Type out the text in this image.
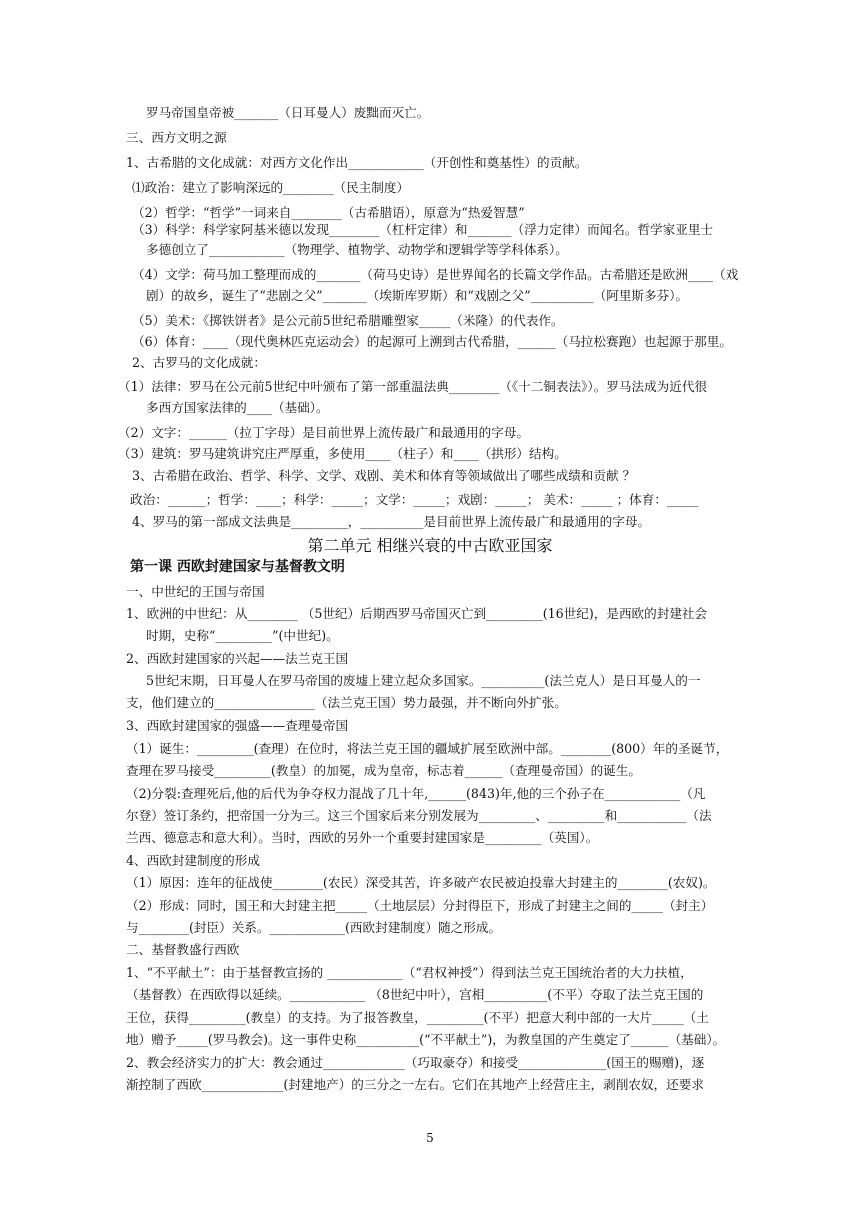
罗马帝国皇帝被_______（日耳曼人）废黜而灭亡。
三、西方文明之源
1、古希腊的文化成就：对西方文化作出____________（开创性和奠基性）的贡献。
⑴政治：建立了影响深远的________（民主制度）
（2）哲学：“哲学”一词来自________（古希腊语），原意为“热爱智慧”
（3）科学：科学家阿基米德以发现________（杠杆定律）和_______（浮力定律）而闻名。哲学家亚里士
多德创立了____________（物理学、植物学、动物学和逻辑学等学科体系）。
（4）文学：荷马加工整理而成的_______（荷马史诗）是世界闻名的长篇文学作品。古希腊还是欧洲____（戏
剧）的故乡，诞生了“悲剧之父”_______（埃斯库罗斯）和“戏剧之父”__________（阿里斯多芬）。
（5）美术：《掷铁饼者》是公元前5世纪希腊雕塑家_____（米隆）的代表作。
（6）体育：____（现代奥林匹克运动会）的起源可上溯到古代希腊，______（马拉松赛跑）也起源于那里。
2、古罗马的文化成就：
（1）法律：罗马在公元前5世纪中叶颁布了第一部重温法典________（《十二铜表法》）。罗马法成为近代很
多西方国家法律的____（基础）。
（2）文字：______（拉丁字母）是目前世界上流传最广和最通用的字母。
（3）建筑：罗马建筑讲究庄严厚重，多使用____（柱子）和____（拱形）结构。
3、古希腊在政治、哲学、科学、文学、戏剧、美术和体育等领域做出了哪些成绩和贡献 ？
政治：______；哲学：____；科学：_____；文学：_____；戏剧：_____； 美术：_____ ；体育：_____
4、罗马的第一部成文法典是_________，__________是目前世界上流传最广和最通用的字母。
第二单元 相继兴衰的中古欧亚国家
第一课 西欧封建国家与基督教文明
一、中世纪的王国与帝国
1、欧洲的中世纪：从________ （5世纪）后期西罗马帝国灭亡到_________(16世纪)，是西欧的封建社会
时期，史称“_________”(中世纪)。
2、西欧封建国家的兴起——法兰克王国
5世纪末期，日耳曼人在罗马帝国的废墟上建立起众多国家。__________(法兰克人）是日耳曼人的一
支，他们建立的________________（法兰克王国）势力最强，并不断向外扩张。
3、西欧封建国家的强盛——查理曼帝国
（1）诞生：_________(查理）在位时，将法兰克王国的疆域扩展至欧洲中部。________(800）年的圣诞节，
查理在罗马接受_________(教皇）的加冕，成为皇帝，标志着______（查理曼帝国）的诞生。
（2)分裂:查理死后,他的后代为争夺权力混战了几十年,______(843)年,他的三个孙子在____________（凡
尔登）签订条约，把帝国一分为三。这三个国家后来分别发展为_________、_________和___________（法
兰西、德意志和意大利）。当时，西欧的另外一个重要封建国家是_________（英国）。
4、西欧封建制度的形成
（1）原因：连年的征战使________(农民）深受其苦，许多破产农民被迫投靠大封建主的________(农奴)。
（2）形成：同时，国王和大封建主把_____（土地层层）分封得臣下，形成了封建主之间的_____（封主）
与________(封臣）关系。____________(西欧封建制度）随之形成。
二、基督教盛行西欧
1、“不平献土”：由于基督教宣扬的 ____________（“君权神授”）得到法兰克王国统治者的大力扶植，
（基督教）在西欧得以延续。____________ （8世纪中叶），宫相__________(不平）夺取了法兰克王国的
王位，获得_________(教皇）的支持。为了报答教皇，_________(不平）把意大利中部的一大片_____（土
地）赠予_____(罗马教会)。这一事件史称__________(“不平献土”)，为教皇国的产生奠定了______（基础）。
2、教会经济实力的扩大：教会通过_____________（巧取豪夺）和接受______________(国王的赐赠)，逐
渐控制了西欧_____________(封建地产）的三分之一左右。它们在其地产上经营庄主，剥削农奴，还要求
5
